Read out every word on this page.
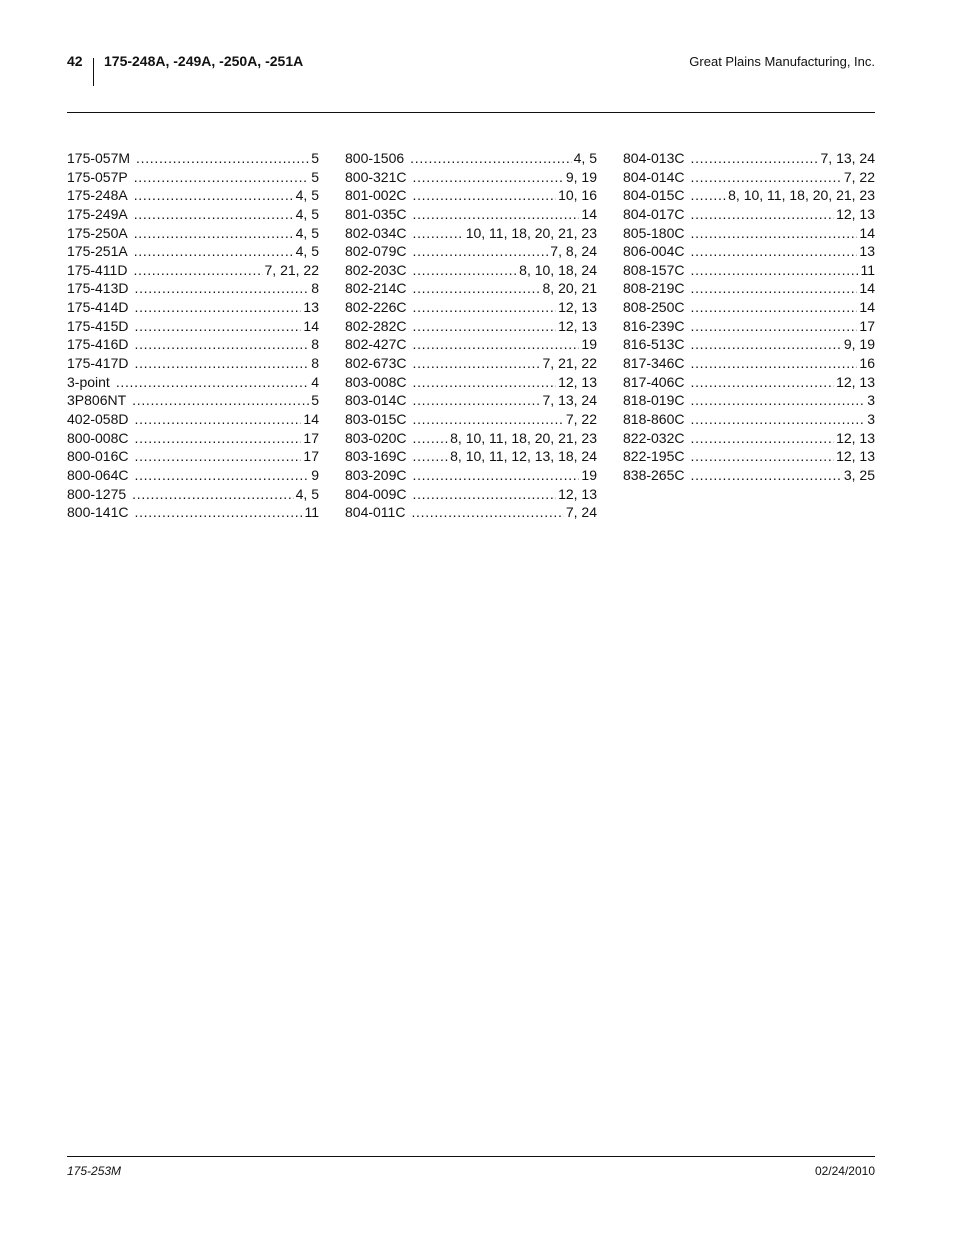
42 175-248A, -249A, -250A, -251A	Great Plains Manufacturing, Inc.
175-057M . . .	5
175-057P . . .	5
175-248A . . .	4, 5
175-249A . . .	4, 5
175-250A . . .	4, 5
175-251A . . .	4, 5
175-411D . . .	7, 21, 22
175-413D . . .	8
175-414D . . .	13
175-415D . . .	14
175-416D . . .	8
175-417D . . .	8
3-point . . .	4
3P806NT . . .	5
402-058D . . .	14
800-008C . . .	17
800-016C . . .	17
800-064C . . .	9
800-1275 . . .	4, 5
800-141C . . .	11
800-1506 . . .	4, 5
800-321C . . .	9, 19
801-002C . . .	10, 16
801-035C . . .	14
802-034C . . .	10, 11, 18, 20, 21, 23
802-079C . . .	7, 8, 24
802-203C . . .	8, 10, 18, 24
802-214C . . .	8, 20, 21
802-226C . . .	12, 13
802-282C . . .	12, 13
802-427C . . .	19
802-673C . . .	7, 21, 22
803-008C . . .	12, 13
803-014C . . .	7, 13, 24
803-015C . . .	7, 22
803-020C . . .	8, 10, 11, 18, 20, 21, 23
803-169C . . .	8, 10, 11, 12, 13, 18, 24
803-209C . . .	19
804-009C . . .	12, 13
804-011C . . .	7, 24
804-013C . . .	7, 13, 24
804-014C . . .	7, 22
804-015C . . .	8, 10, 11, 18, 20, 21, 23
804-017C . . .	12, 13
805-180C . . .	14
806-004C . . .	13
808-157C . . .	11
808-219C . . .	14
808-250C . . .	14
816-239C . . .	17
816-513C . . .	9, 19
817-346C . . .	16
817-406C . . .	12, 13
818-019C . . .	3
818-860C . . .	3
822-032C . . .	12, 13
822-195C . . .	12, 13
838-265C . . .	3, 25
175-253M	02/24/2010
